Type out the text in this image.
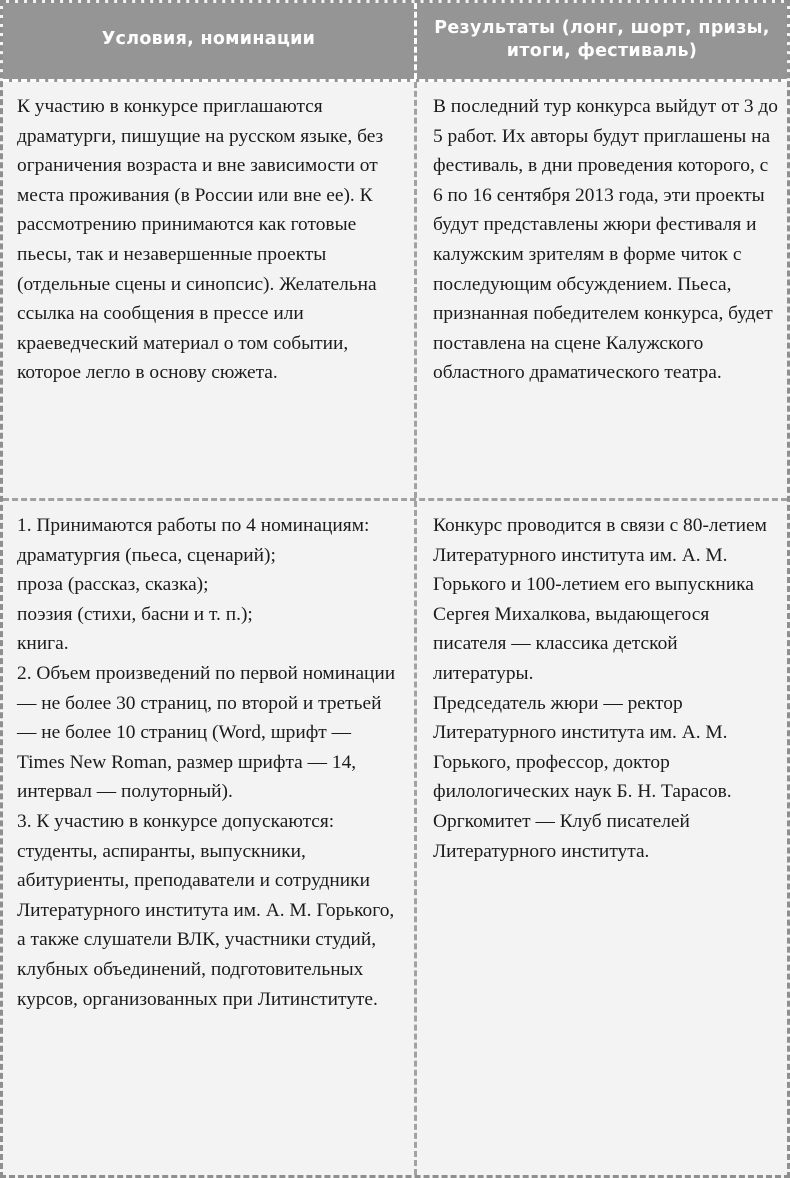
Условия, номинации
Результаты (лонг, шорт, призы, итоги, фестиваль)

К участию в конкурсе приглашаются драматурги, пишущие на русском языке, без ограничения возраста и вне зависимости от места проживания (в России или вне ее). К рассмотрению принимаются как готовые пьесы, так и незавершенные проекты (отдельные сцены и синопсис). Желательна ссылка на сообщения в прессе или краеведческий материал о том событии, которое легло в основу сюжета.

В последний тур конкурса выйдут от 3 до 5 работ. Их авторы будут приглашены на фестиваль, в дни проведения которого, с 6 по 16 сентября 2013 года, эти проекты будут представлены жюри фестиваля и калужским зрителям в форме читок с последующим обсуждением. Пьеса, признанная победителем конкурса, будет поставлена на сцене Калужского областного драматического театра.

1. Принимаются работы по 4 номинациям:

драматургия (пьеса, сценарий);

проза (рассказ, сказка);

поэзия (стихи, басни и т. п.);

книга.

2. Объем произведений по первой номинации — не более 30 страниц, по второй и третьей — не более 10 страниц (Word, шрифт — Times New Roman, размер шрифта — 14, интервал — полуторный).

3. К участию в конкурсе допускаются: студенты, аспиранты, выпускники, абитуриенты, преподаватели и сотрудники Литературного института им. А. М. Горького, а также слушатели ВЛК, участники студий, клубных объединений, подготовительных курсов, организованных при Литинституте.

Конкурс проводится в связи с 80-летием Литературного института им. А. М. Горького и 100-летием его выпускника Сергея Михалкова, выдающегося писателя — классика детской литературы.

Председатель жюри — ректор Литературного института им. А. М. Горького, профессор, доктор филологических наук Б. Н. Тарасов.

Оргкомитет — Клуб писателей Литературного института.
